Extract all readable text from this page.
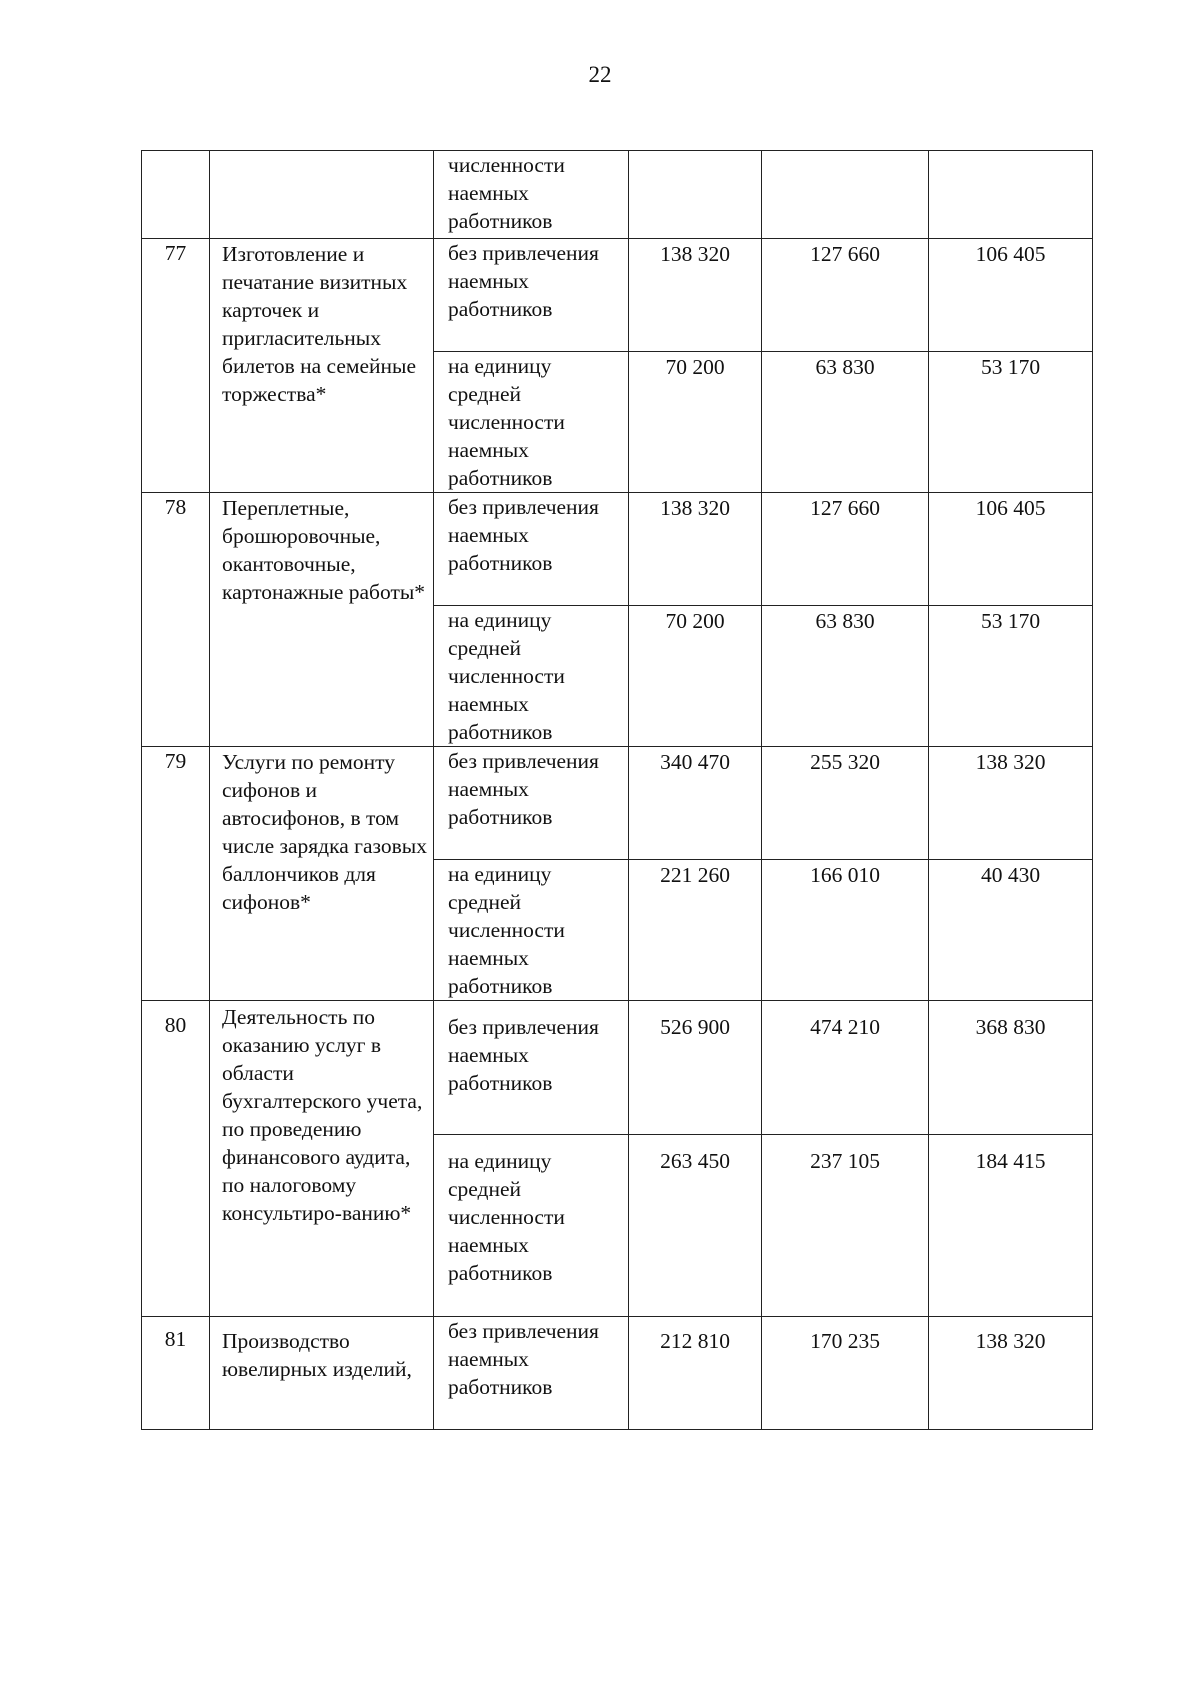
22
		численности
наемных
работников			
77	Изготовление и печатание визитных карточек и пригласительных билетов на семейные торжества*	без привлечения наемных работников	138 320	127 660	106 405

		на единицу средней численности наемных работников	70 200	63 830	53 170

78	Переплетные, брошюровочные, окантовочные, картонажные работы*	без привлечения наемных работников	138 320	127 660	106 405

		на единицу средней численности наемных работников	70 200	63 830	53 170

79	Услуги по ремонту сифонов и автосифонов, в том числе зарядка газовых баллончиков для сифонов*	без привлечения наемных работников	340 470	255 320	138 320

		на единицу средней численности наемных работников	221 260	166 010	40 430

80	Деятельность по оказанию услуг в области бухгалтерского учета, по проведению финансового аудита, по налоговому консультиро-ванию*	без привлечения наемных работников	526 900	474 210	368 830

		на единицу средней численности наемных работников	263 450	237 105	184 415

81	Производство ювелирных изделий,	без привлечения наемных работников	212 810	170 235	138 320
